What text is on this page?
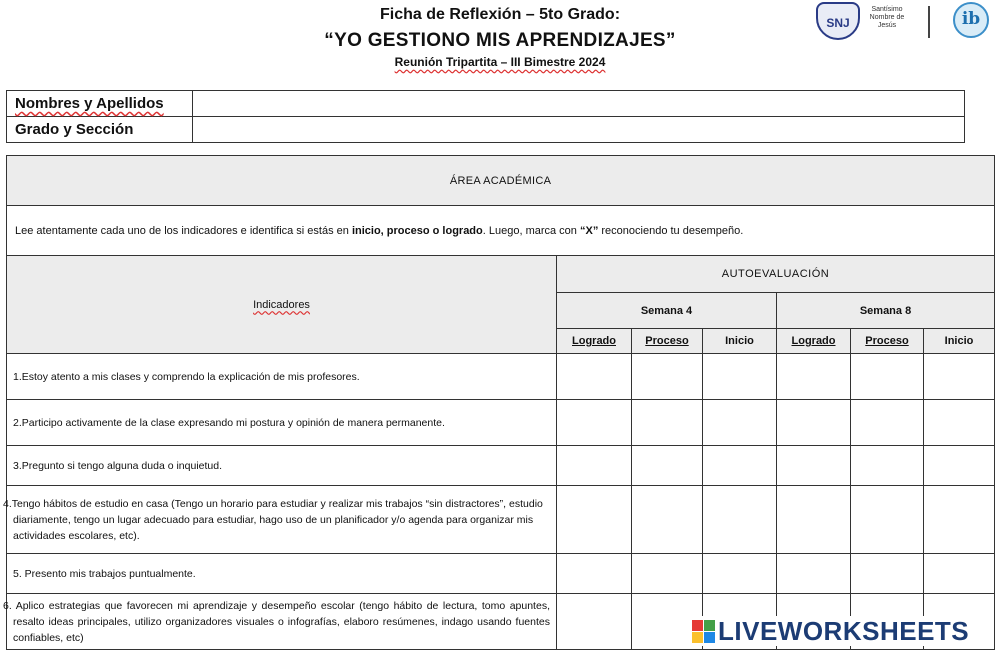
Ficha de Reflexión – 5to Grado:
“YO GESTIONO MIS APRENDIZAJES”
Reunión Tripartita – III Bimestre 2024
SNJ
Santísimo Nombre de Jesús	ib
Nombres y Apellidos	
Grado y Sección	
ÁREA ACADÉMICA						
Lee atentamente cada uno de los indicadores e identifica si estás en inicio, proceso o logrado. Luego, marca con “X” reconociendo tu desempeño.						
Indicadores	AUTOEVALUACIÓN					
	Semana 4			Semana 8		
	Logrado	Proceso	Inicio	Logrado	Proceso	Inicio
1.Estoy atento a mis clases y comprendo la explicación de mis profesores.						
2.Participo activamente de la clase expresando mi postura y opinión de manera permanente.						
3.Pregunto si tengo alguna duda o inquietud.						
4.Tengo hábitos de estudio en casa (Tengo un horario para estudiar y realizar mis trabajos “sin distractores”, estudio diariamente, tengo un lugar adecuado para estudiar, hago uso de un planificador y/o agenda para organizar mis actividades escolares, etc).						
5. Presento mis trabajos puntualmente.						
6. Aplico estrategias que favorecen mi aprendizaje y desempeño escolar (tengo hábito de lectura, tomo apuntes, resalto ideas principales, utilizo organizadores visuales o infografías, elaboro resúmenes, indago usando fuentes confiables, etc)							LIVEWORKSHEETS
